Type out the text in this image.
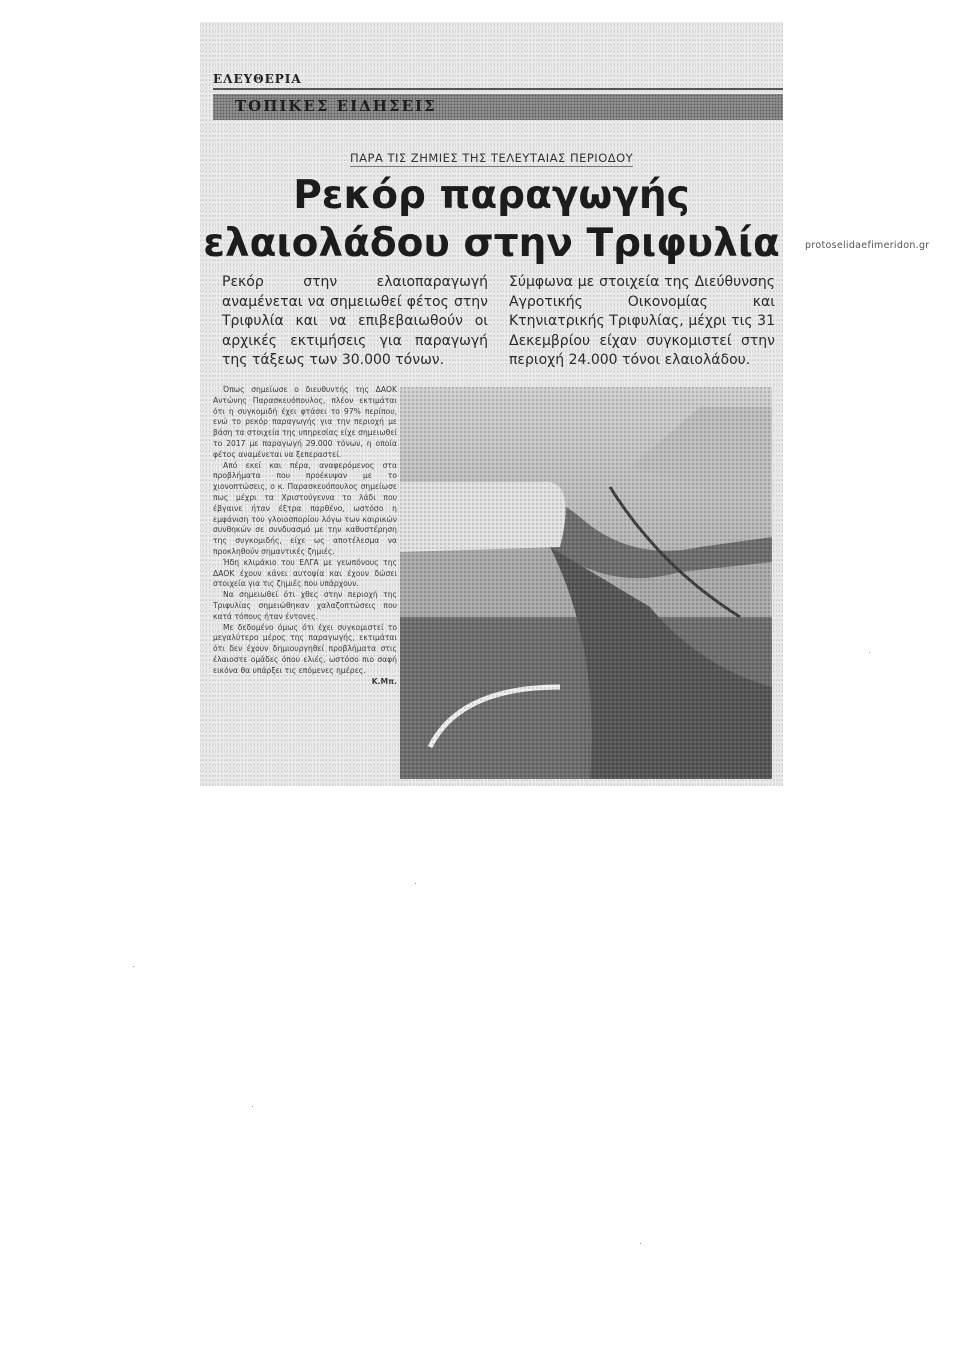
ΕΛΕΥΘΕΡΙΑ
ΤΟΠΙΚΕΣ ΕΙΔΗΣΕΙΣ
ΠΑΡΑ ΤΙΣ ΖΗΜΙΕΣ ΤΗΣ ΤΕΛΕΥΤΑΙΑΣ ΠΕΡΙΟΔΟΥ
Ρεκόρ παραγωγής
ελαιολάδου στην Τριφυλία
Ρεκόρ στην ελαιοπαραγωγή αναμένεται να σημειωθεί φέτος στην Τριφυλία και να επιβεβαιωθούν οι αρχικές εκτιμήσεις για παραγωγή της τάξεως των 30.000 τόνων.
Σύμφωνα με στοιχεία της Διεύθυνσης Αγροτικής Οικονομίας και Κτηνιατρικής Τριφυλίας, μέχρι τις 31 Δεκεμβρίου είχαν συγκομιστεί στην περιοχή 24.000 τόνοι ελαιολάδου.

Όπως σημείωσε ο διευθυντής της ΔΑΟΚ Αντώνης Παρασκευόπουλος, πλέον εκτιμάται ότι η συγκομιδή έχει φτάσει το 97% περίπου, ενώ το ρεκόρ παραγωγής για την περιοχή με βάση τα στοιχεία της υπηρεσίας είχε σημειωθεί το 2017 με παραγωγή 29.000 τόνων, η οποία φέτος αναμένεται να ξεπεραστεί.

Από εκεί και πέρα, αναφερόμενος στα προβλήματα που προέκυψαν με το χιονοπτώσεις, ο κ. Παρασκευόπουλος σημείωσε πως μέχρι τα Χριστούγεννα το λάδι που έβγαινε ήταν έξτρα παρθένο, ωστόσο η εμφάνιση του γλοιοσπορίου λόγω των καιρικών συνθηκών σε συνδυασμό με την καθυστέρηση της συγκομιδής, είχε ως αποτέλεσμα να προκληθούν σημαντικές ζημιές.

Ήδη κλιμάκιο του ΕΛΓΑ με γεωπόνους της ΔΑΟΚ έχουν κάνει αυτοψία και έχουν δώσει στοιχεία για τις ζημιές που υπάρχουν.

Να σημειωθεί ότι χθες στην περιοχή της Τριφυλίας σημειώθηκαν χαλαζοπτώσεις που κατά τόπους ήταν έντονες.

Με δεδομένο όμως ότι έχει συγκομιστεί το μεγαλύτερο μέρος της παραγωγής, εκτιμάται ότι δεν έχουν δημιουργηθεί προβλήματα στις έλαιοστε ομάδες όπου ελιές, ωστόσο πιο σαφή εικόνα θα υπάρξει τις επόμενες ημέρες.

Κ.Μπ.
protoselidaefimeridon.gr
